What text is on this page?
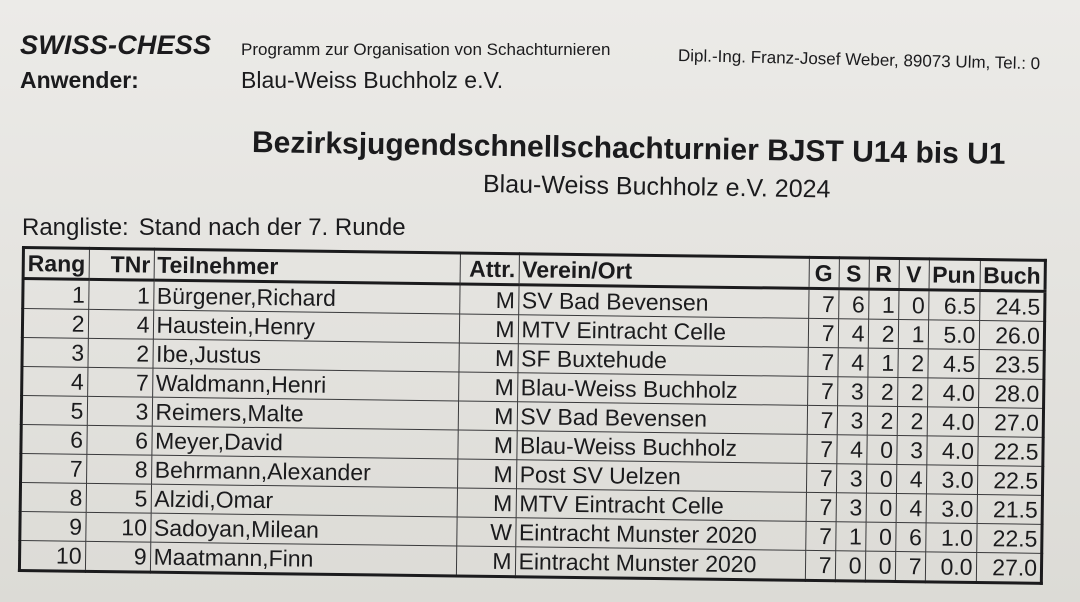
SWISS-CHESS Programm zur Organisation von Schachturnieren	Dipl.-Ing. Franz-Josef Weber, 89073 Ulm, Tel.: 0
Anwender:	Blau-Weiss Buchholz e.V.
Bezirksjugendschnellschachturnier BJST U14 bis U1
Blau-Weiss Buchholz e.V. 2024
Rangliste: Stand nach der 7. Runde
Rang	TNr	Teilnehmer	Attr.	Verein/Ort	G	S	R	V	Pun	Buch
1	1	Bürgener,Richard	M	SV Bad Bevensen	7	6	1	0	6.5	24.5
2	4	Haustein,Henry	M	MTV Eintracht Celle	7	4	2	1	5.0	26.0
3	2	Ibe,Justus	M	SF Buxtehude	7	4	1	2	4.5	23.5
4	7	Waldmann,Henri	M	Blau-Weiss Buchholz	7	3	2	2	4.0	28.0
5	3	Reimers,Malte	M	SV Bad Bevensen	7	3	2	2	4.0	27.0
6	6	Meyer,David	M	Blau-Weiss Buchholz	7	4	0	3	4.0	22.5
7	8	Behrmann,Alexander	M	Post SV Uelzen	7	3	0	4	3.0	22.5
8	5	Alzidi,Omar	M	MTV Eintracht Celle	7	3	0	4	3.0	21.5
9	10	Sadoyan,Milean	W	Eintracht Munster 2020	7	1	0	6	1.0	22.5
10	9	Maatmann,Finn	M	Eintracht Munster 2020	7	0	0	7	0.0	27.0
